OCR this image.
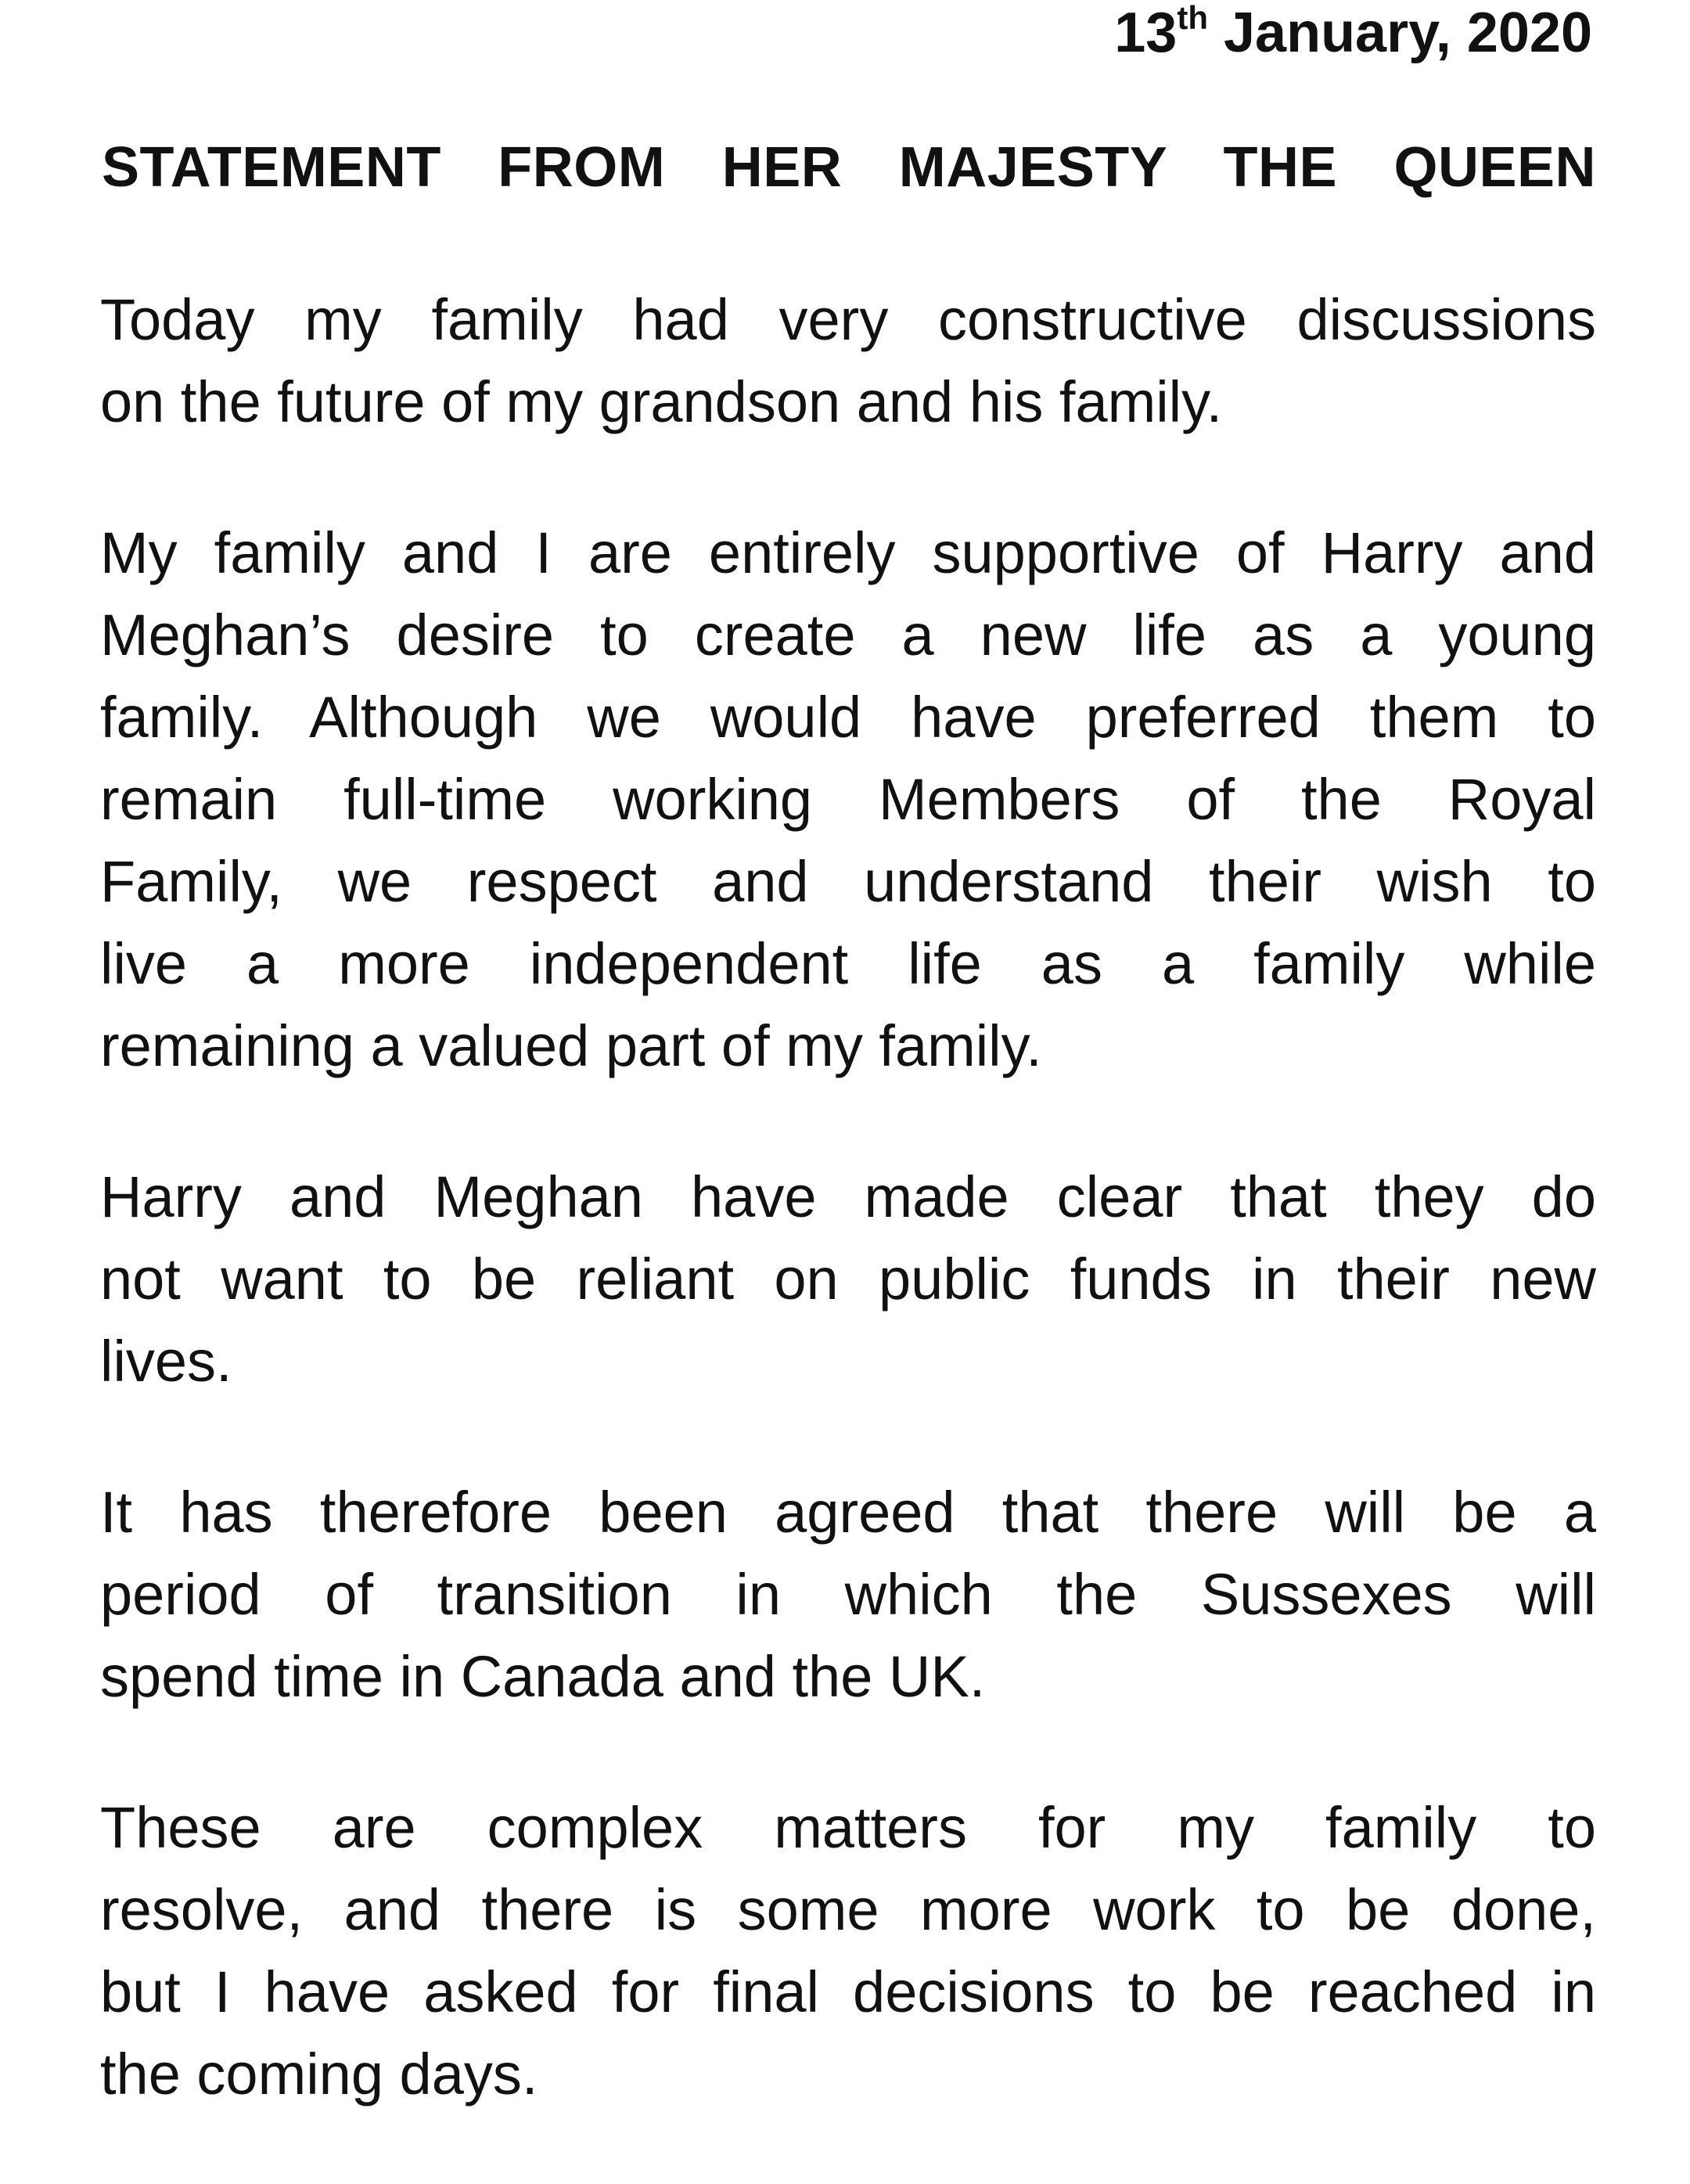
13th January, 2020
STATEMENT FROM HER MAJESTY THE QUEEN
Today my family had very constructive discussions
on the future of my grandson and his family.
My family and I are entirely supportive of Harry and
Meghan’s desire to create a new life as a young
family. Although we would have preferred them to
remain full-time working Members of the Royal
Family, we respect and understand their wish to
live a more independent life as a family while
remaining a valued part of my family.
Harry and Meghan have made clear that they do
not want to be reliant on public funds in their new
lives.
It has therefore been agreed that there will be a
period of transition in which the Sussexes will
spend time in Canada and the UK.
These are complex matters for my family to
resolve, and there is some more work to be done,
but I have asked for final decisions to be reached in
the coming days.
